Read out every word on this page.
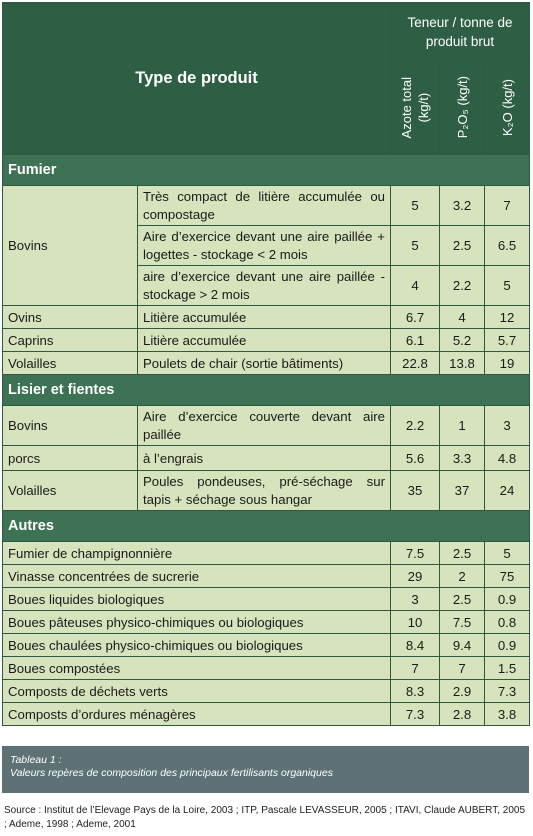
Type de produit		Teneur / tonne de
produit brut		

		Azote total (kg/t)	P₂O₅ (kg/t)	K₂O (kg/t)

Fumier				
Bovins	Très compact de litière accumulée ou compostage	5	3.2	7
	Aire d’exercice devant une aire paillée + logettes - stockage < 2 mois	5	2.5	6.5
	aire d’exercice devant une aire paillée - stockage > 2 mois	4	2.2	5
Ovins	Litière accumulée	6.7	4	12
Caprins	Litière accumulée	6.1	5.2	5.7
Volailles	Poulets de chair (sortie bâtiments)	22.8	13.8	19
Lisier et fientes				
Bovins	Aire d’exercice couverte devant aire paillée	2.2	1	3
porcs	à l’engrais	5.6	3.3	4.8
Volailles	Poules pondeuses, pré-séchage sur tapis + séchage sous hangar	35	37	24
Autres				
Fumier de champignonnière		7.5	2.5	5
Vinasse concentrées de sucrerie		29	2	75
Boues liquides biologiques		3	2.5	0.9
Boues pâteuses physico-chimiques ou biologiques		10	7.5	0.8
Boues chaulées physico-chimiques ou biologiques		8.4	9.4	0.9
Boues compostées		7	7	1.5
Composts de déchets verts		8.3	2.9	7.3
Composts d’ordures ménagères		7.3	2.8	3.8
Tableau 1 :
Valeurs repères de composition des principaux fertilisants organiques
Source : Institut de l’Elevage Pays de la Loire, 2003 ; ITP, Pascale LEVASSEUR, 2005 ; ITAVI, Claude AUBERT, 2005 ; Ademe, 1998 ; Ademe, 2001
